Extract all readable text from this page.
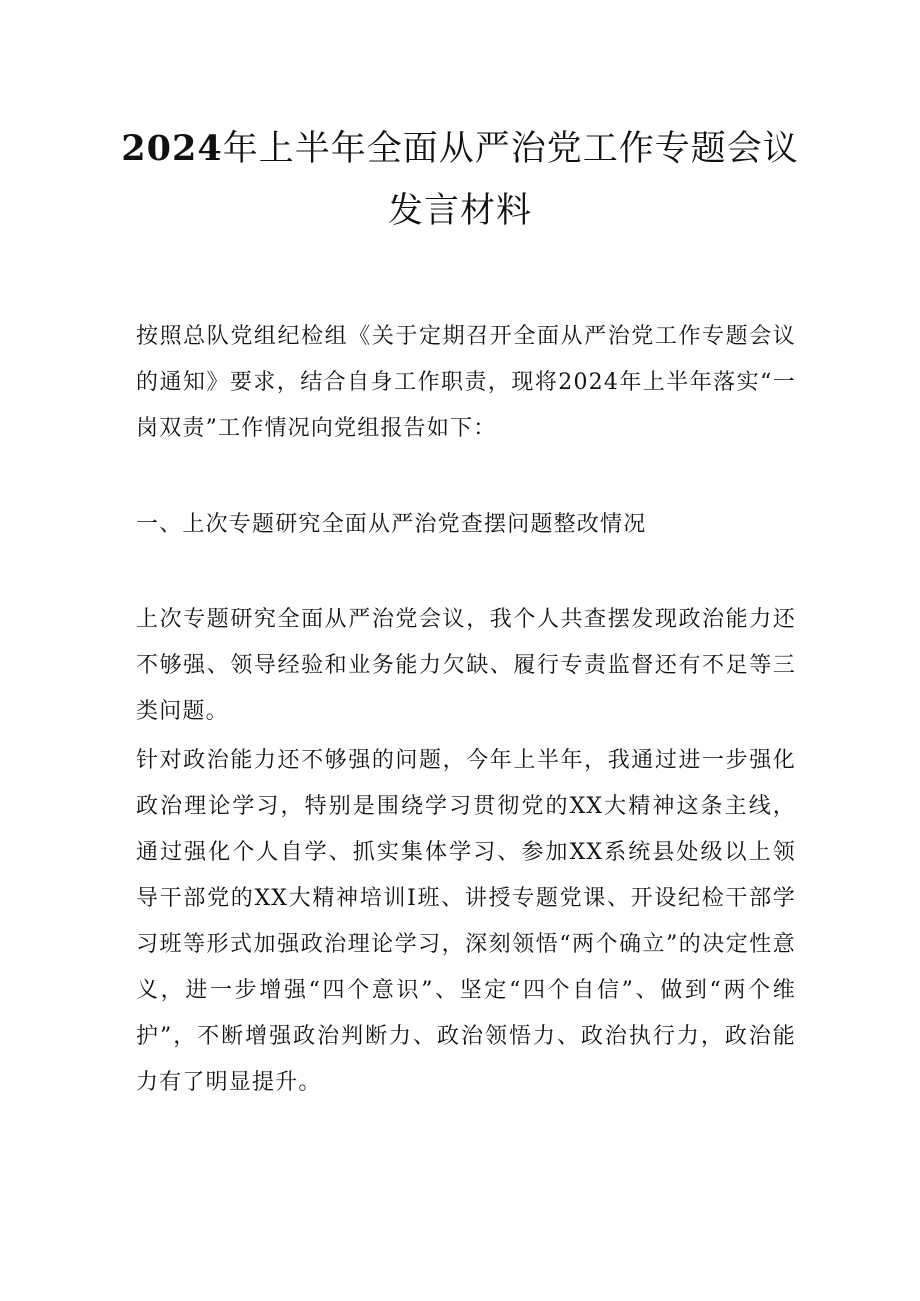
2024年上半年全面从严治党工作专题会议
发言材料

按照总队党组纪检组《关于定期召开全面从严治党工作专题会议的通知》要求，结合自身工作职责，现将2024年上半年落实“一岗双责”工作情况向党组报告如下：

一、上次专题研究全面从严治党查摆问题整改情况

上次专题研究全面从严治党会议，我个人共查摆发现政治能力还不够强、领导经验和业务能力欠缺、履行专责监督还有不足等三类问题。

针对政治能力还不够强的问题，今年上半年，我通过进一步强化政治理论学习，特别是围绕学习贯彻党的XX大精神这条主线，通过强化个人自学、抓实集体学习、参加XX系统县处级以上领导干部党的XX大精神培训I班、讲授专题党课、开设纪检干部学习班等形式加强政治理论学习，深刻领悟“两个确立”的决定性意义，进一步增强“四个意识”、坚定“四个自信”、做到“两个维护”，不断增强政治判断力、政治领悟力、政治执行力，政治能力有了明显提升。
